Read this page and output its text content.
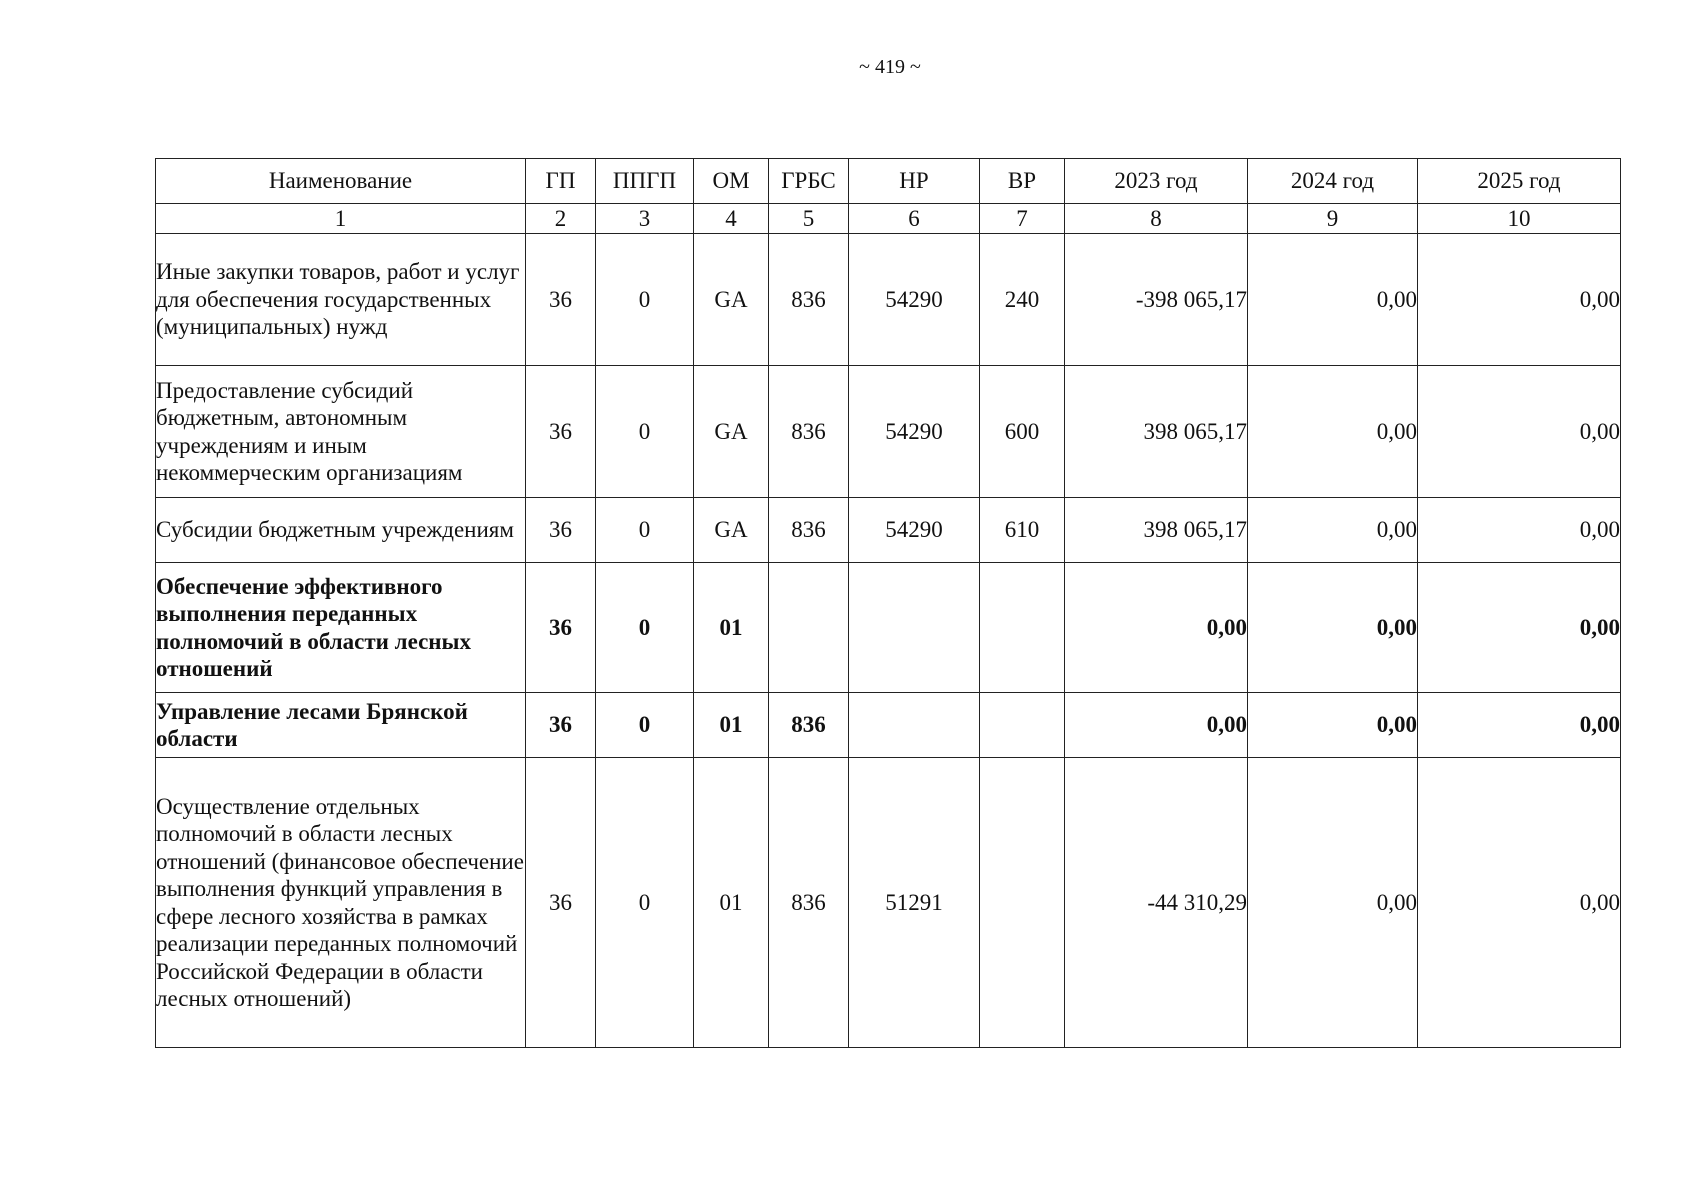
~ 419 ~
Наименование	ГП	ППГП	ОМ	ГРБС	НР	ВР	2023 год	2024 год	2025 год
1	2	3	4	5	6	7	8	9	10
Иные закупки товаров, работ и услуг для обеспечения государственных (муниципальных) нужд	36	0	GA	836	54290	240	-398 065,17	0,00	0,00
Предоставление субсидий бюджетным, автономным учреждениям и иным некоммерческим организациям	36	0	GA	836	54290	600	398 065,17	0,00	0,00
Субсидии бюджетным учреждениям	36	0	GA	836	54290	610	398 065,17	0,00	0,00
Обеспечение эффективного выполнения переданных полномочий в области лесных отношений	36	0	01				0,00	0,00	0,00
Управление лесами Брянской области	36	0	01	836			0,00	0,00	0,00
Осуществление отдельных полномочий в области лесных отношений (финансовое обеспечение выполнения функций управления в сфере лесного хозяйства в рамках реализации переданных полномочий Российской Федерации в области лесных отношений)	36	0	01	836	51291		-44 310,29	0,00	0,00
